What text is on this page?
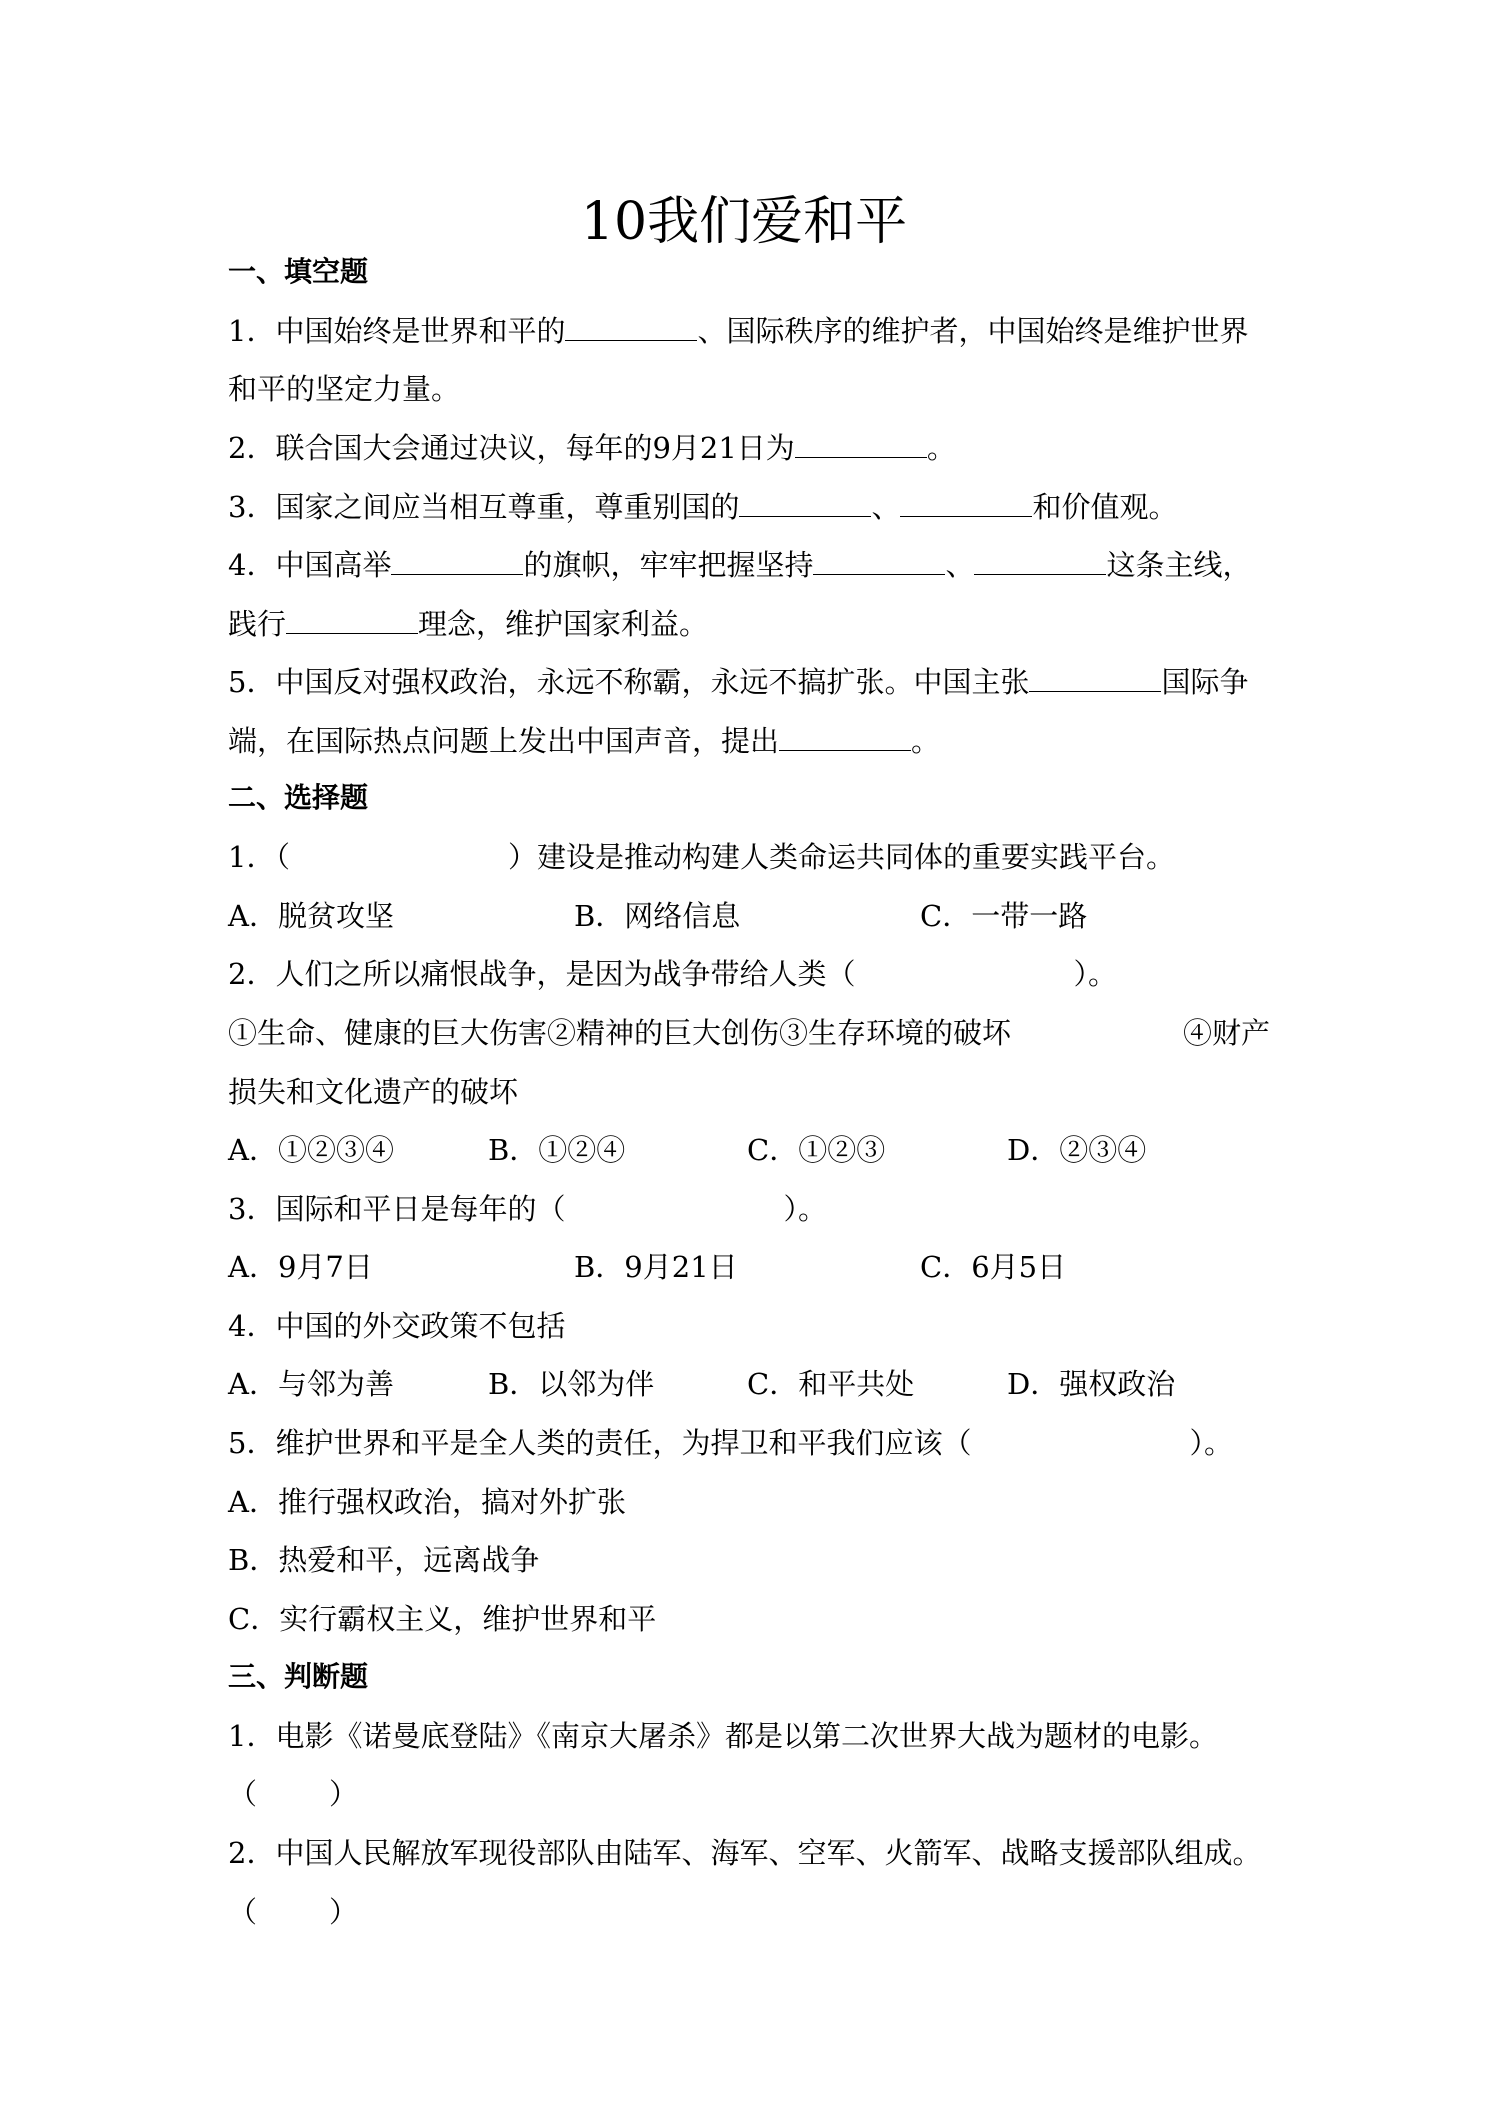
10我们爱和平
一、填空题
1．中国始终是世界和平的	、国际秩序的维护者，中国始终是维护世界
和平的坚定力量。
2．联合国大会通过决议，每年的9月21日为	。
3．国家之间应当相互尊重，尊重别国的	、	和价值观。
4．中国高举	的旗帜，牢牢把握坚持	、	这条主线，
践行	理念，维护国家利益。
5．中国反对强权政治，永远不称霸，永远不搞扩张。中国主张	国际争
端，在国际热点问题上发出中国声音，提出	。
二、选择题
1．（	）建设是推动构建人类命运共同体的重要实践平台。
A．脱贫攻坚	B．网络信息	C．一带一路
2．人们之所以痛恨战争，是因为战争带给人类（	）。
①生命、健康的巨大伤害②精神的巨大创伤③生存环境的破坏	④财产
损失和文化遗产的破坏
A．①②③④	B．①②④	C．①②③	D．②③④
3．国际和平日是每年的（	）。
A．9月7日	B．9月21日	C．6月5日
4．中国的外交政策不包括
A．与邻为善	B．以邻为伴	C．和平共处	D．强权政治
5．维护世界和平是全人类的责任，为捍卫和平我们应该（	）。
A．推行强权政治，搞对外扩张
B．热爱和平，远离战争
C．实行霸权主义，维护世界和平
三、判断题
1．电影《诺曼底登陆》《南京大屠杀》都是以第二次世界大战为题材的电影。
（ ）
2．中国人民解放军现役部队由陆军、海军、空军、火箭军、战略支援部队组成。
（ ）
